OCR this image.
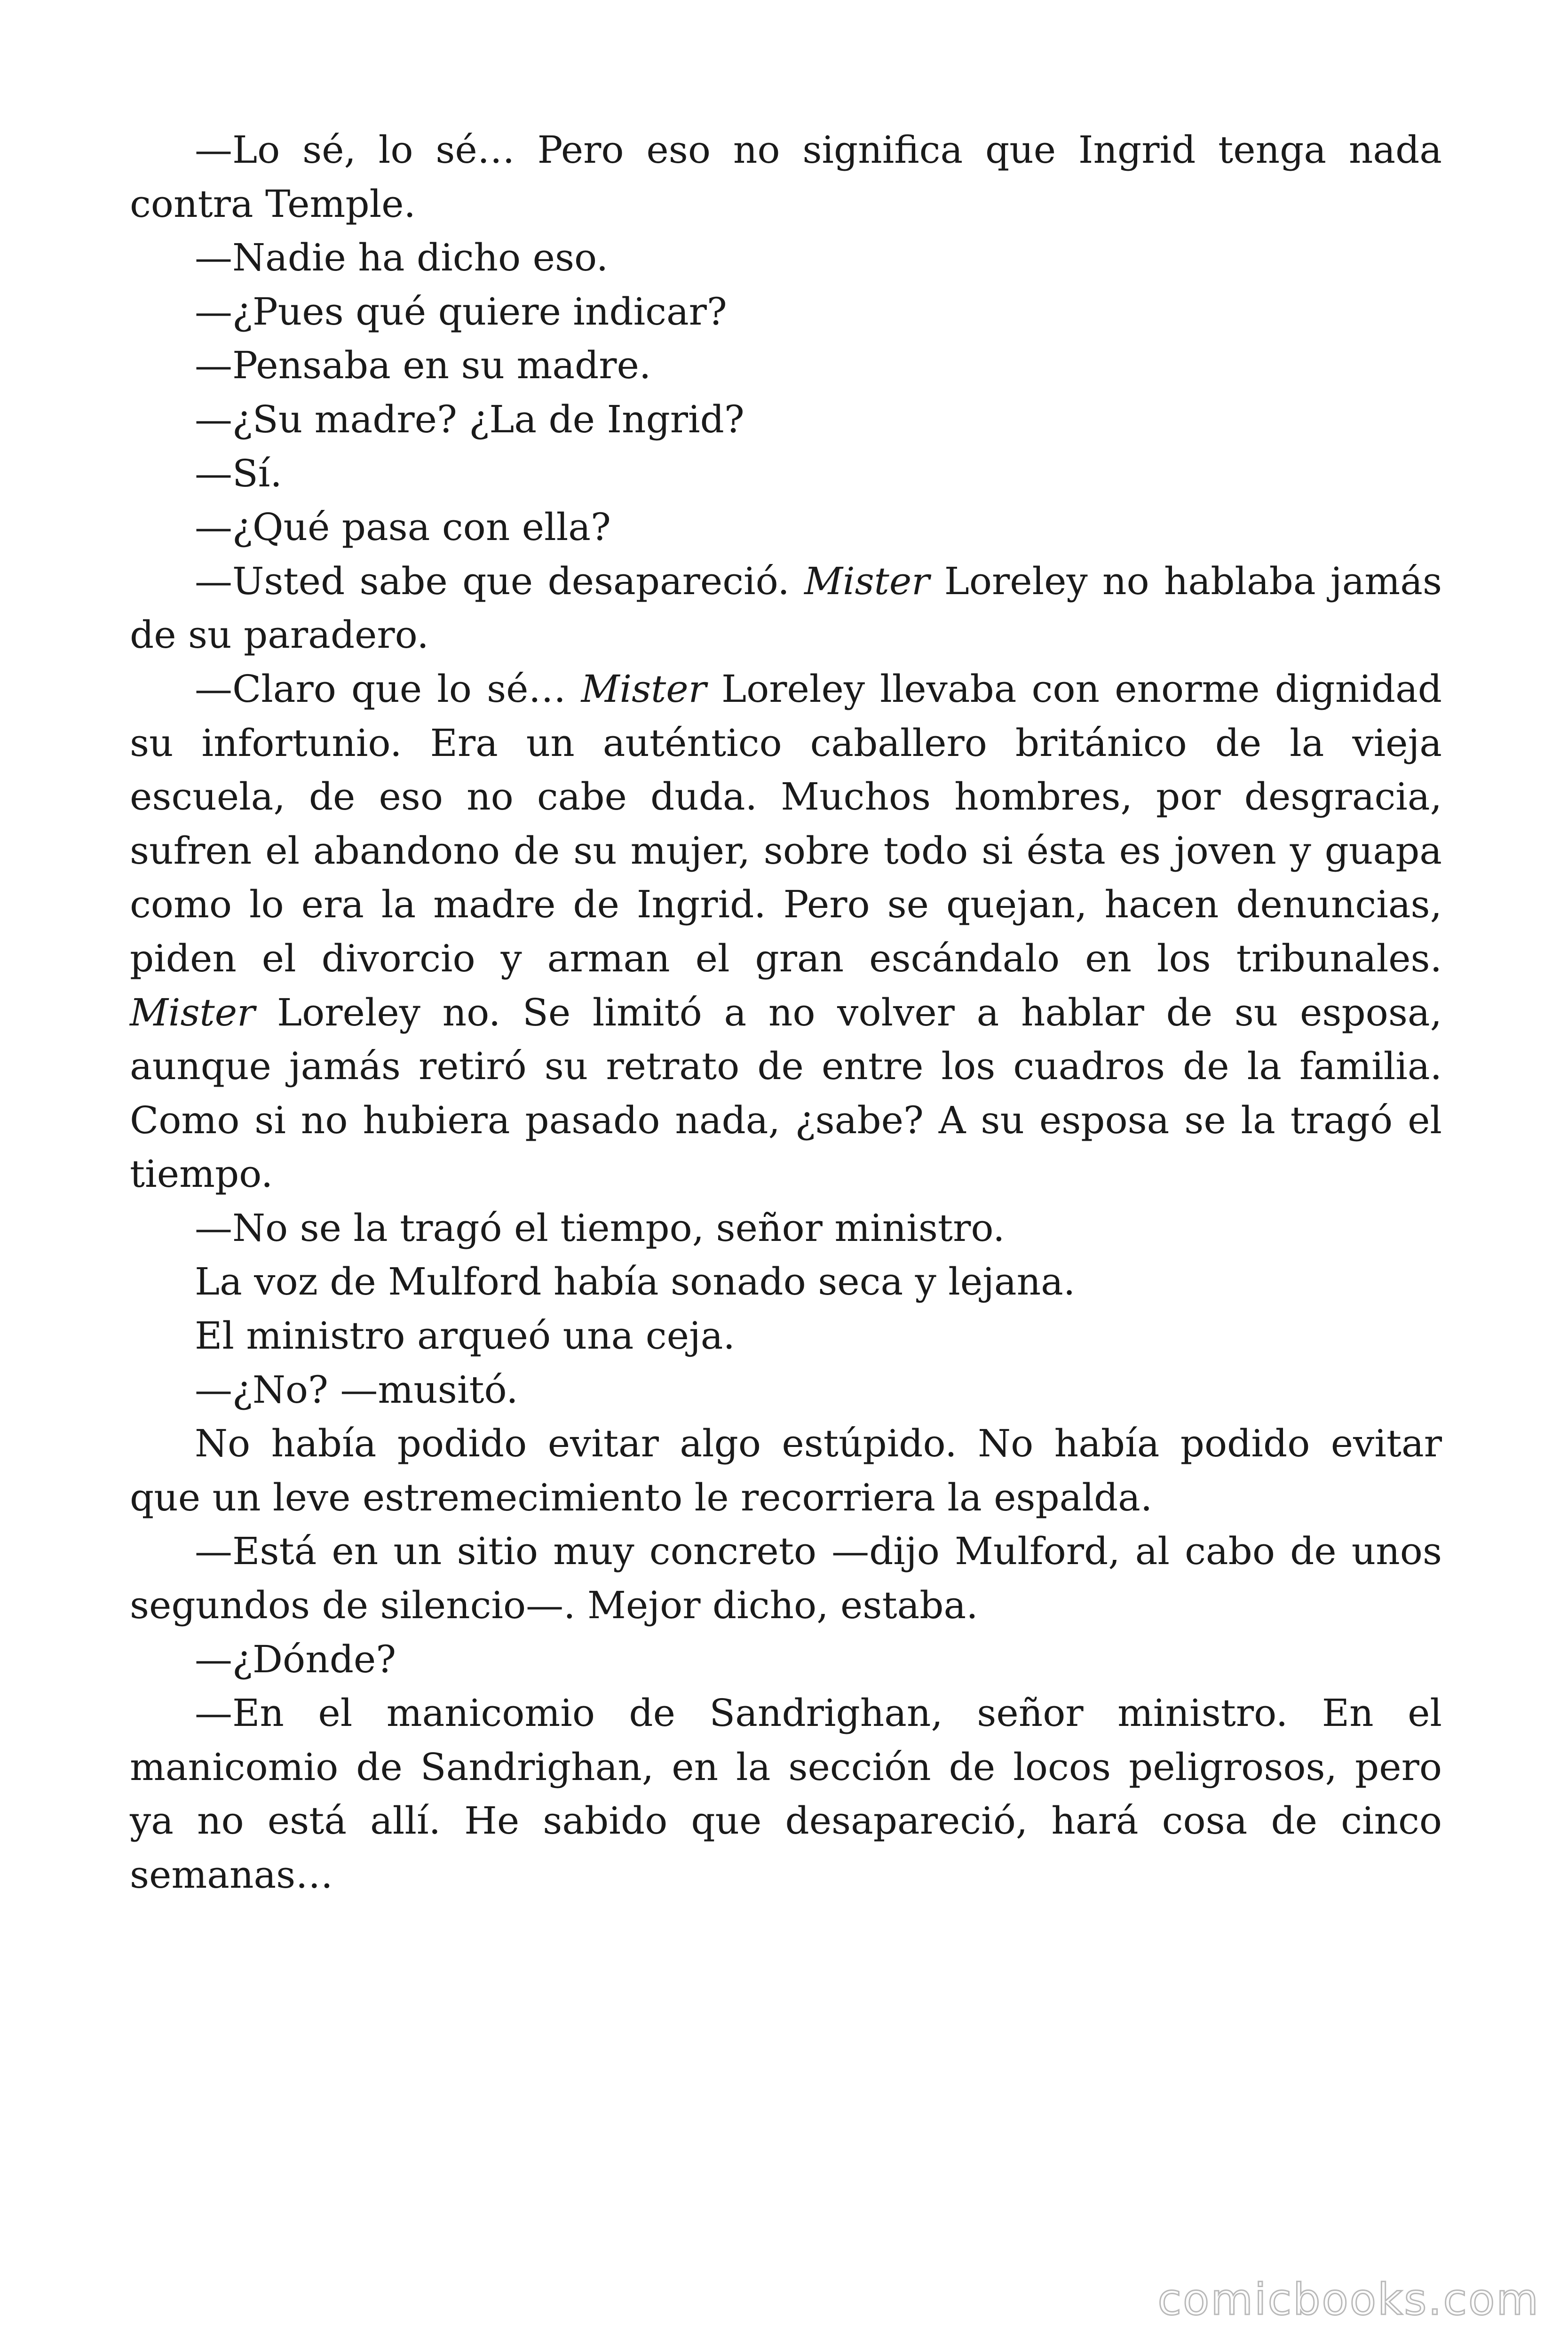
—Lo sé, lo sé… Pero eso no significa que Ingrid tenga nada contra Temple.

—Nadie ha dicho eso.

—¿Pues qué quiere indicar?

—Pensaba en su madre.

—¿Su madre? ¿La de Ingrid?

—Sí.

—¿Qué pasa con ella?

—Usted sabe que desapareció. Mister Loreley no hablaba jamás de su paradero.

—Claro que lo sé… Mister Loreley llevaba con enorme dignidad su infortunio. Era un auténtico caballero británico de la vieja escuela, de eso no cabe duda. Muchos hombres, por desgracia, sufren el abandono de su mujer, sobre todo si ésta es joven y guapa como lo era la madre de Ingrid. Pero se quejan, hacen denuncias, piden el divorcio y arman el gran escándalo en los tribunales. Mister Loreley no. Se limitó a no volver a hablar de su esposa, aunque jamás retiró su retrato de entre los cuadros de la familia. Como si no hubiera pasado nada, ¿sabe? A su esposa se la tragó el tiempo.

—No se la tragó el tiempo, señor ministro.

La voz de Mulford había sonado seca y lejana.

El ministro arqueó una ceja.

—¿No? —musitó.

No había podido evitar algo estúpido. No había podido evitar que un leve estremecimiento le recorriera la espalda.

—Está en un sitio muy concreto —dijo Mulford, al cabo de unos segundos de silencio—. Mejor dicho, estaba.

—¿Dónde?

—En el manicomio de Sandrighan, señor ministro. En el manicomio de Sandrighan, en la sección de locos peligrosos, pero ya no está allí. He sabido que desapareció, hará cosa de cinco semanas…

comicbooks.com
